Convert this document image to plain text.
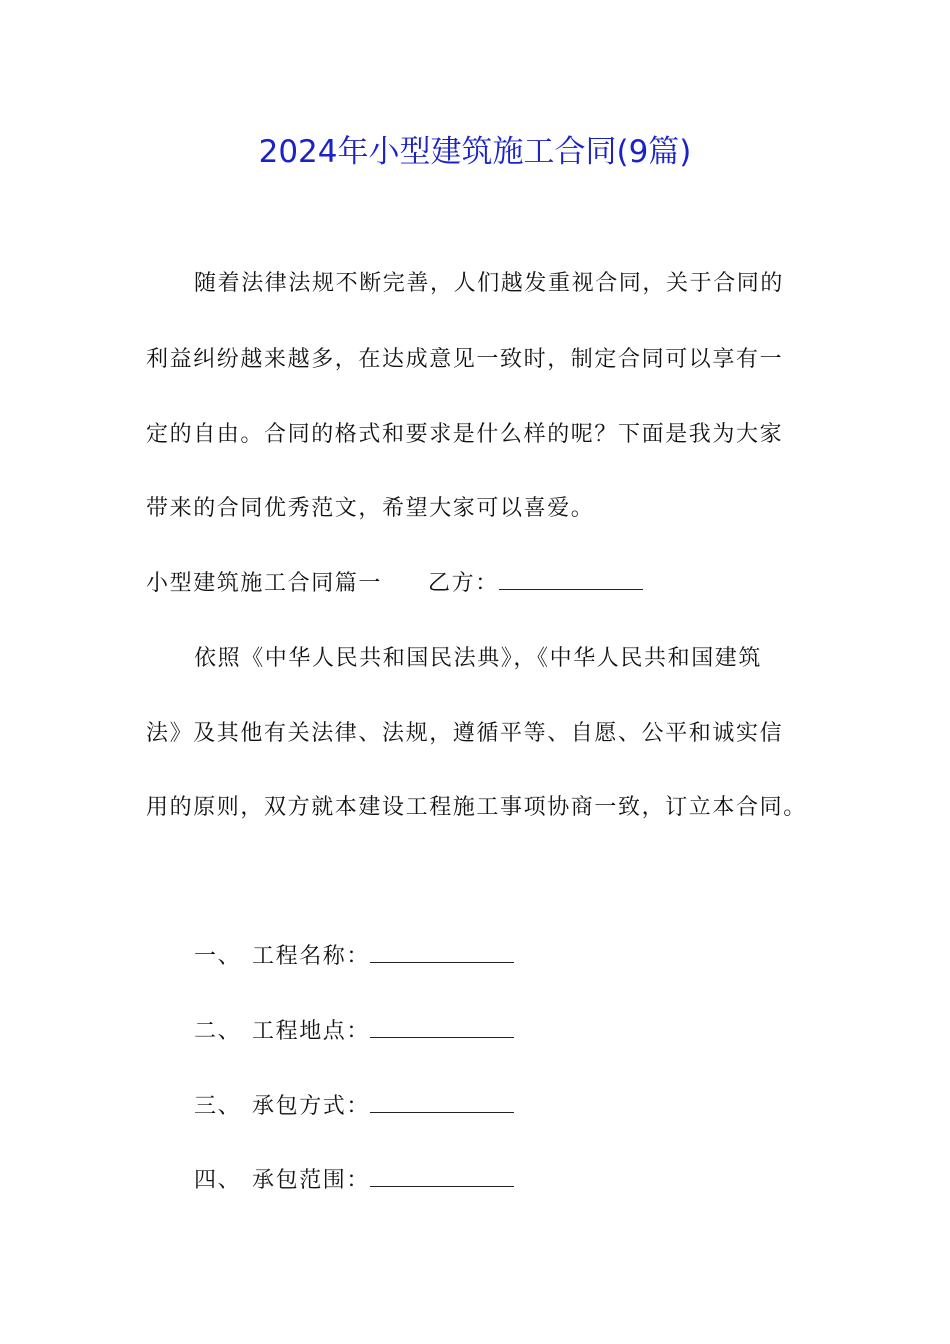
2024年小型建筑施工合同(9篇)
随着法律法规不断完善，人们越发重视合同，关于合同的
利益纠纷越来越多，在达成意见一致时，制定合同可以享有一
定的自由。合同的格式和要求是什么样的呢？下面是我为大家
带来的合同优秀范文，希望大家可以喜爱。
小型建筑施工合同篇一 乙方：
依照《中华人民共和国民法典》，《中华人民共和国建筑
法》及其他有关法律、法规，遵循平等、自愿、公平和诚实信
用的原则，双方就本建设工程施工事项协商一致，订立本合同。
一、 工程名称：
二、 工程地点：
三、 承包方式：
四、 承包范围：
